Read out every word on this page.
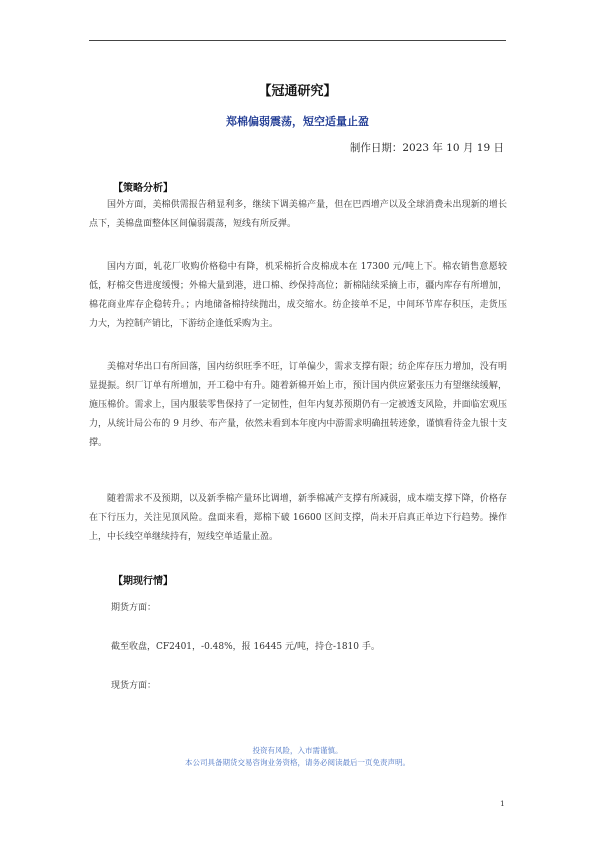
【冠通研究】
郑棉偏弱震荡，短空适量止盈
制作日期：2023 年 10 月 19 日
【策略分析】

国外方面，美棉供需报告稍显利多，继续下调美棉产量，但在巴西增产以及全球消费未出现新的增长点下，美棉盘面整体区间偏弱震荡，短线有所反弹。

国内方面，轧花厂收购价格稳中有降，机采棉折合皮棉成本在 17300 元/吨上下。棉农销售意愿较低，籽棉交售进度缓慢；外棉大量到港，进口棉、纱保持高位；新棉陆续采摘上市，疆内库存有所增加，棉花商业库存企稳转升。；内地储备棉持续抛出，成交缩水。纺企接单不足，中间环节库存积压，走货压力大，为控制产销比，下游纺企逢低采购为主。

美棉对华出口有所回落，国内纺织旺季不旺，订单偏少，需求支撑有限；纺企库存压力增加，没有明显提振。织厂订单有所增加，开工稳中有升。随着新棉开始上市，预计国内供应紧张压力有望继续缓解，施压棉价。需求上，国内服装零售保持了一定韧性，但年内复苏预期仍有一定被透支风险，并面临宏观压力，从统计局公布的 9 月纱、布产量，依然未看到本年度内中游需求明确扭转迹象，谨慎看待金九银十支撑。

随着需求不及预期，以及新季棉产量环比调增，新季棉减产支撑有所减弱，成本端支撑下降，价格存在下行压力，关注见顶风险。盘面来看，郑棉下破 16600 区间支撑，尚未开启真正单边下行趋势。操作上，中长线空单继续持有，短线空单适量止盈。

【期现行情】

期货方面：

截至收盘，CF2401，-0.48%，报 16445 元/吨，持仓-1810 手。

现货方面：

投资有风险，入市需谨慎。
本公司具备期货交易咨询业务资格，请务必阅读最后一页免责声明。
1
